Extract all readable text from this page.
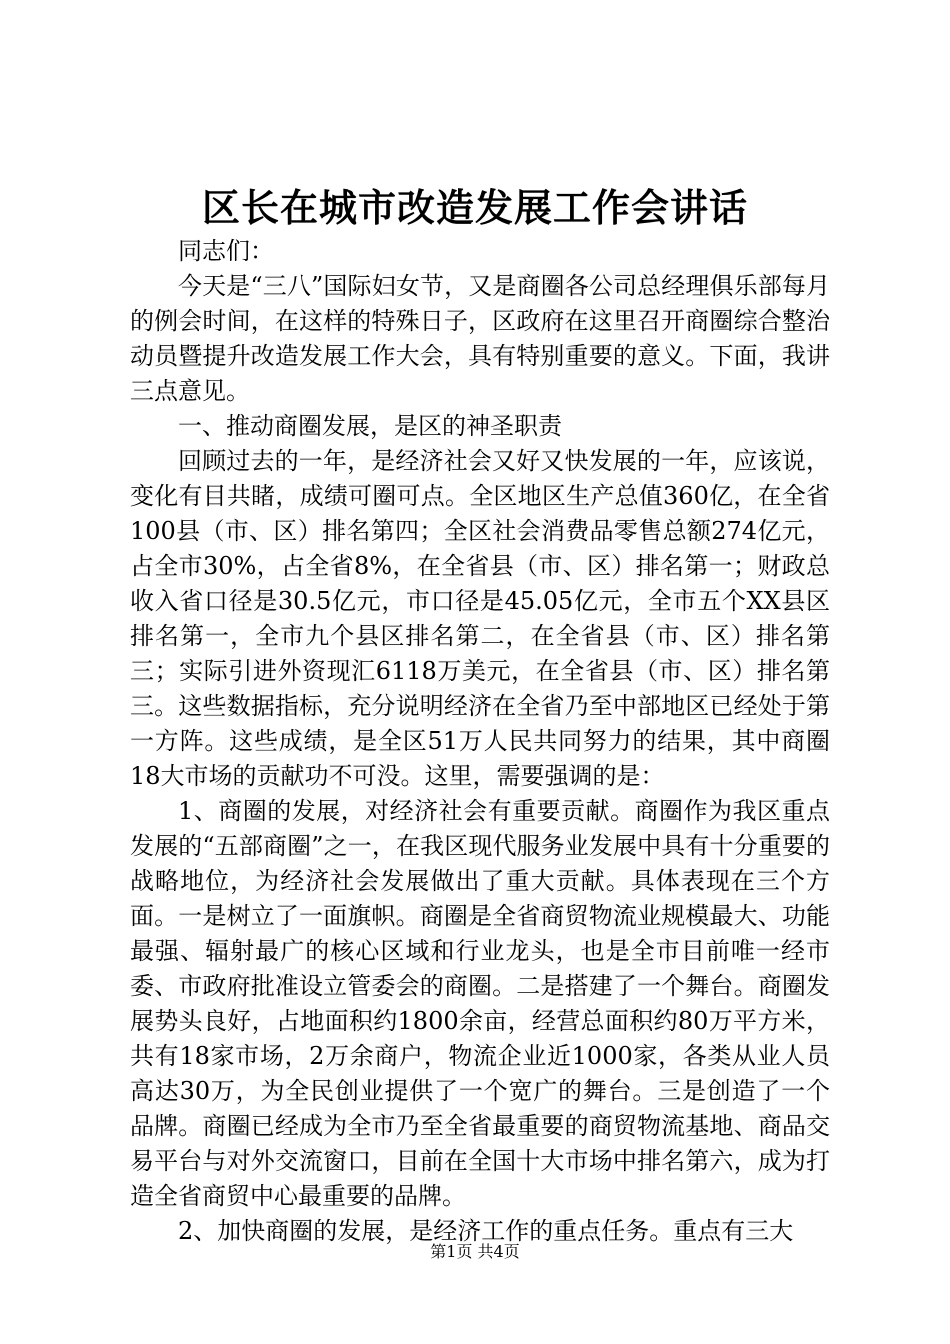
区长在城市改造发展工作会讲话

同志们：

今天是“三八”国际妇女节，又是商圈各公司总经理俱乐部每月的例会时间，在这样的特殊日子，区政府在这里召开商圈综合整治动员暨提升改造发展工作大会，具有特别重要的意义。下面，我讲三点意见。

一、推动商圈发展，是区的神圣职责

回顾过去的一年，是经济社会又好又快发展的一年，应该说，变化有目共睹，成绩可圈可点。全区地区生产总值360亿，在全省100县（市、区）排名第四；全区社会消费品零售总额274亿元，占全市30%，占全省8%，在全省县（市、区）排名第一；财政总收入省口径是30.5亿元，市口径是45.05亿元，全市五个XX县区排名第一，全市九个县区排名第二，在全省县（市、区）排名第三；实际引进外资现汇6118万美元，在全省县（市、区）排名第三。这些数据指标，充分说明经济在全省乃至中部地区已经处于第一方阵。这些成绩，是全区51万人民共同努力的结果，其中商圈18大市场的贡献功不可没。这里，需要强调的是：

1、商圈的发展，对经济社会有重要贡献。商圈作为我区重点发展的“五部商圈”之一，在我区现代服务业发展中具有十分重要的战略地位，为经济社会发展做出了重大贡献。具体表现在三个方面。一是树立了一面旗帜。商圈是全省商贸物流业规模最大、功能最强、辐射最广的核心区域和行业龙头，也是全市目前唯一经市委、市政府批准设立管委会的商圈。二是搭建了一个舞台。商圈发展势头良好，占地面积约1800余亩，经营总面积约80万平方米，共有18家市场，2万余商户，物流企业近1000家，各类从业人员高达30万，为全民创业提供了一个宽广的舞台。三是创造了一个品牌。商圈已经成为全市乃至全省最重要的商贸物流基地、商品交易平台与对外交流窗口，目前在全国十大市场中排名第六，成为打造全省商贸中心最重要的品牌。

2、加快商圈的发展，是经济工作的重点任务。重点有三大

第1页 共4页
